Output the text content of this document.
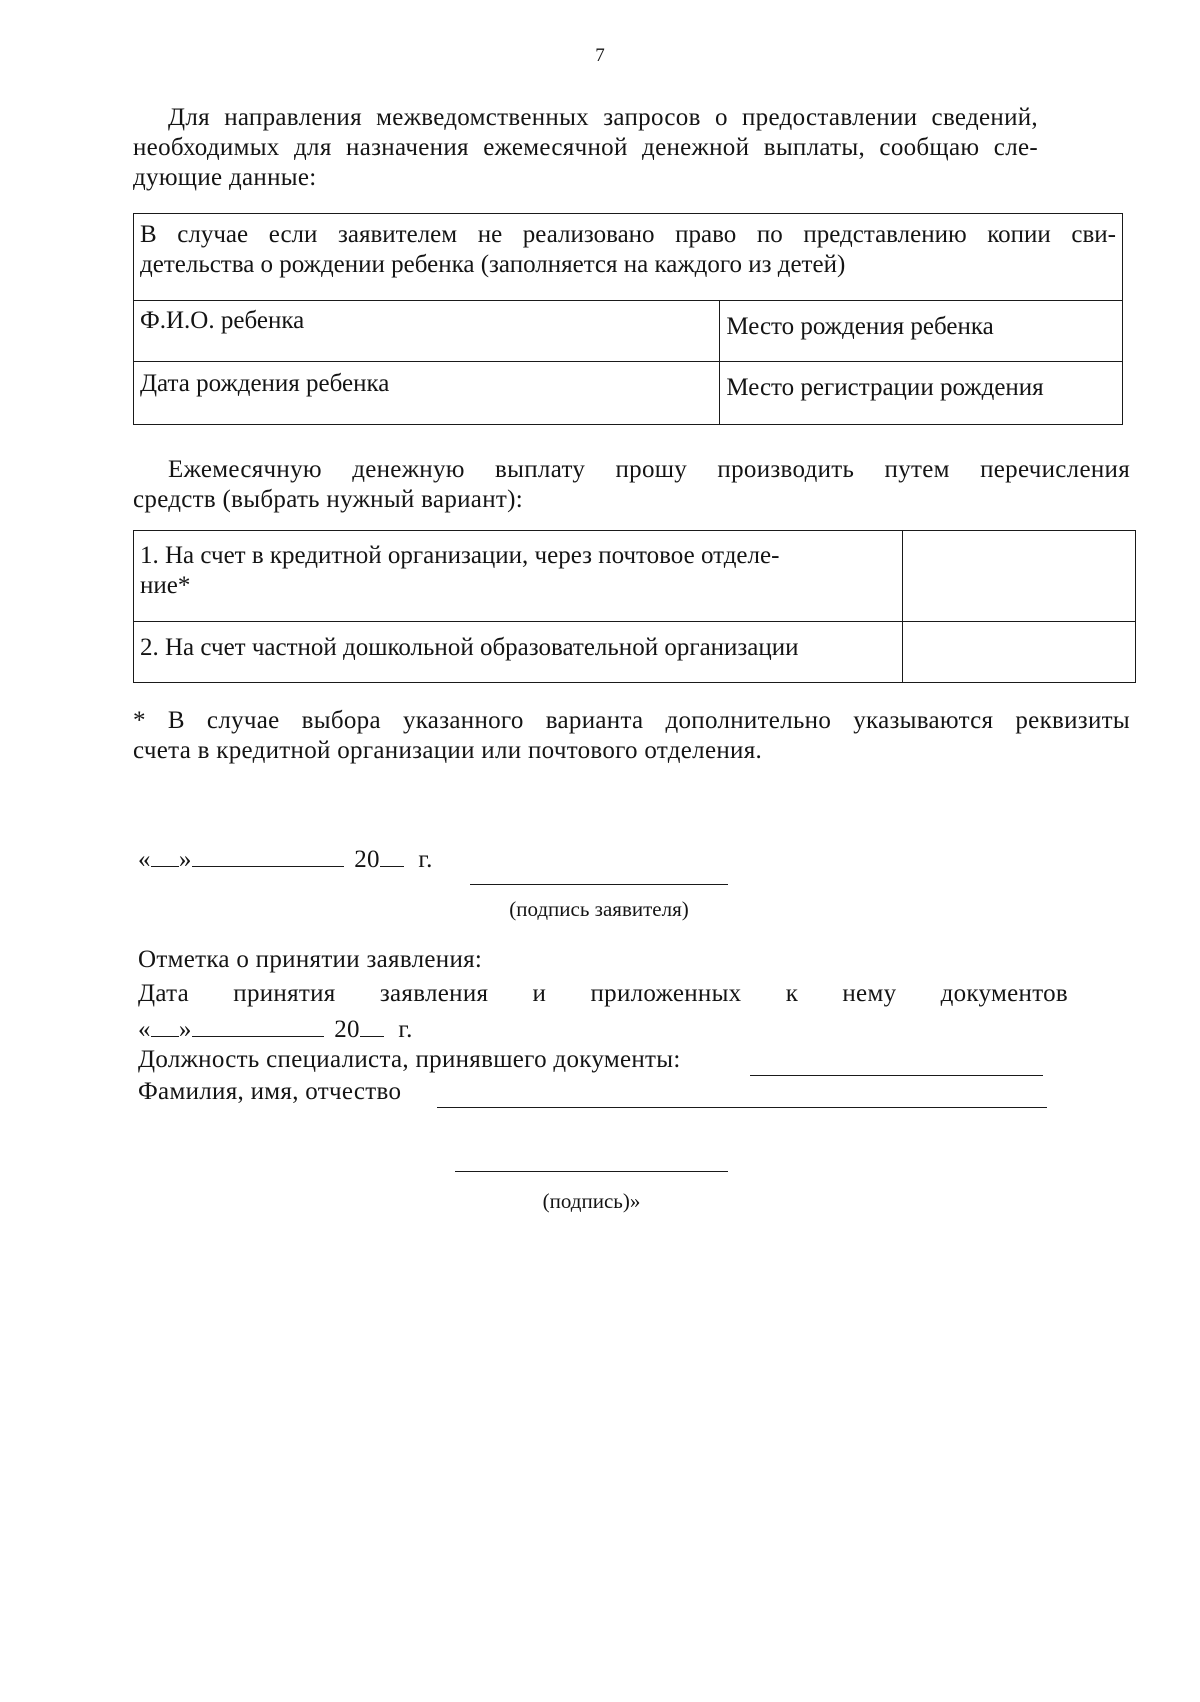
7
Для направления межведомственных запросов о предоставлении сведений,
необходимых для назначения ежемесячной денежной выплаты, сообщаю сле-
дующие данные:
В случае если заявителем не реализовано право по представлению копии сви-
детельства о рождении ребенка (заполняется на каждого из детей)	

Ф.И.О. ребенка	Место рождения ребенка
Дата рождения ребенка	Место регистрации рождения
Ежемесячную денежную выплату прошу производить путем перечисления
средств (выбрать нужный вариант):
1. На счет в кредитной организации, через почтовое отделе-
ние*	

2. На счет частной дошкольной образовательной организации	
* В случае выбора указанного варианта дополнительно указываются реквизиты
счета в кредитной организации или почтового отделения.
« »	20 г.
(подпись заявителя)
Отметка о принятии заявления:
Дата принятия заявления и приложенных к нему документов
« »	20 г.
Должность специалиста, принявшего документы:
Фамилия, имя, отчество
(подпись)»
